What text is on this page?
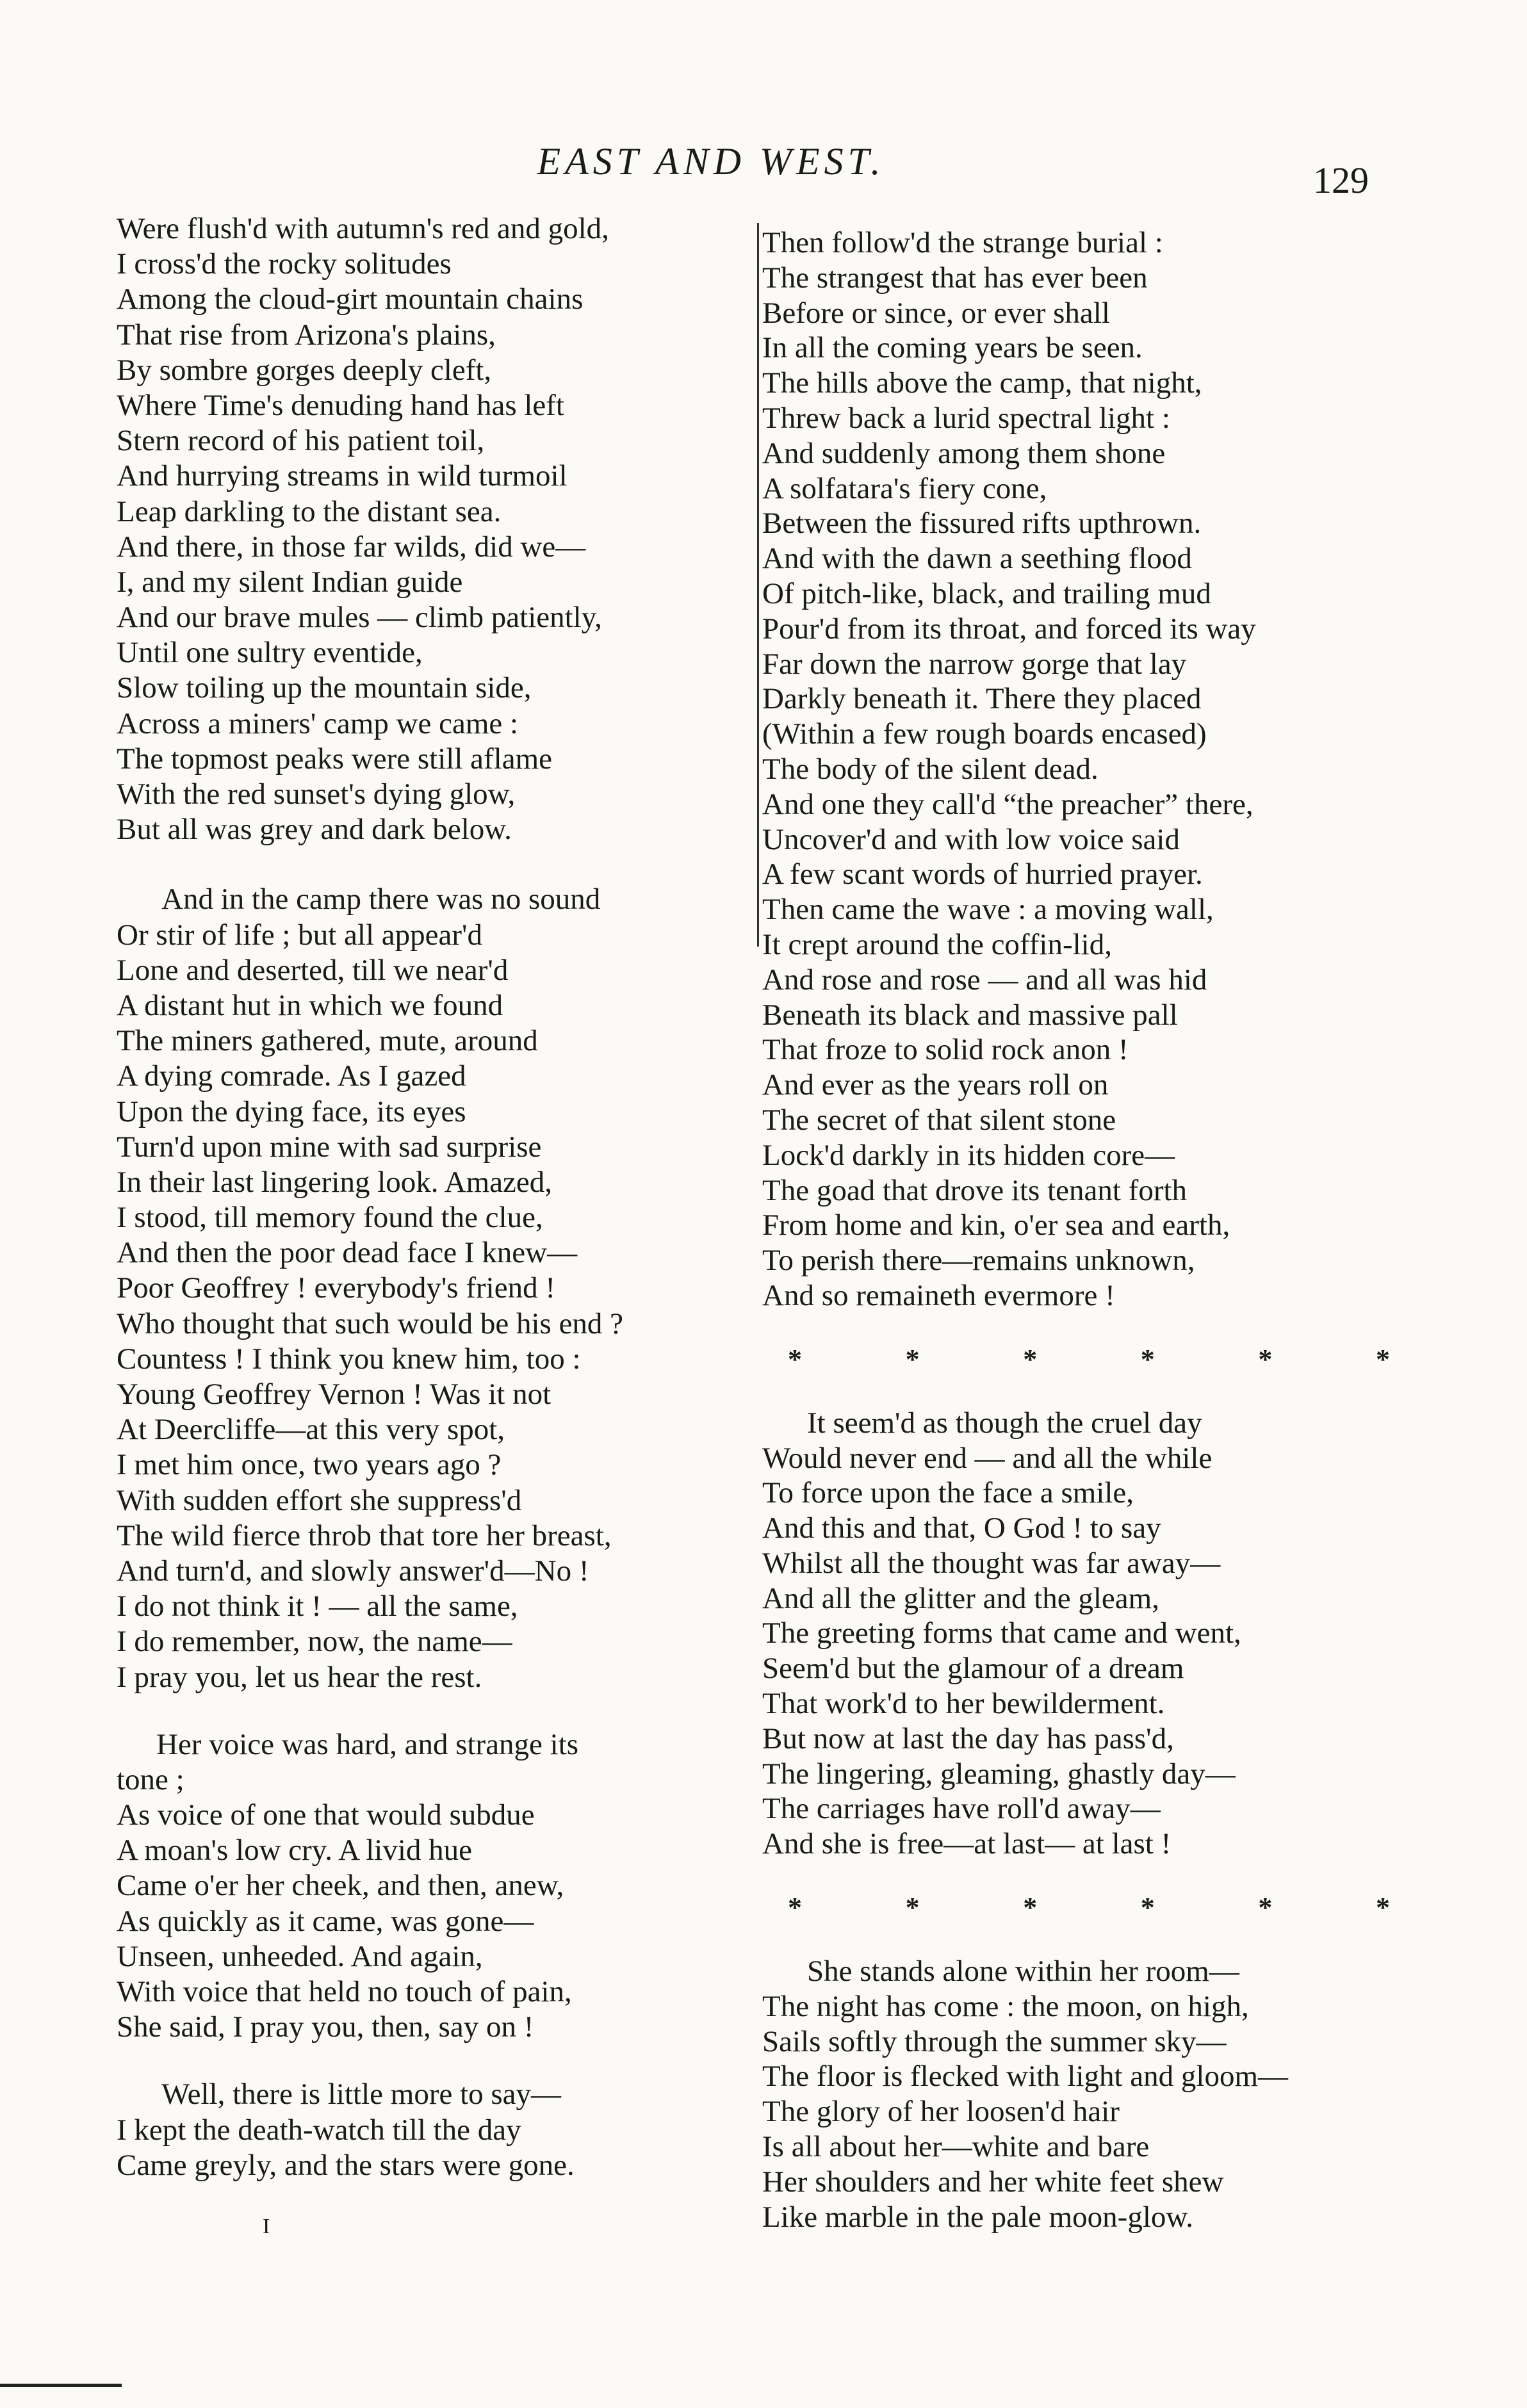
EAST AND WEST.	129
Were flush'd with autumn's red and gold,
I cross'd the rocky solitudes
Among the cloud-girt mountain chains
That rise from Arizona's plains,
By sombre gorges deeply cleft,
Where Time's denuding hand has left
Stern record of his patient toil,
And hurrying streams in wild turmoil
Leap darkling to the distant sea.
And there, in those far wilds, did we—
I, and my silent Indian guide
And our brave mules — climb patiently,
Until one sultry eventide,
Slow toiling up the mountain side,
Across a miners' camp we came :
The topmost peaks were still aflame
With the red sunset's dying glow,
But all was grey and dark below.
And in the camp there was no sound
Or stir of life ; but all appear'd
Lone and deserted, till we near'd
A distant hut in which we found
The miners gathered, mute, around
A dying comrade. As I gazed
Upon the dying face, its eyes
Turn'd upon mine with sad surprise
In their last lingering look. Amazed,
I stood, till memory found the clue,
And then the poor dead face I knew—
Poor Geoffrey ! everybody's friend !
Who thought that such would be his end ?
Countess ! I think you knew him, too :
Young Geoffrey Vernon ! Was it not
At Deercliffe—at this very spot,
I met him once, two years ago ?
With sudden effort she suppress'd
The wild fierce throb that tore her breast,
And turn'd, and slowly answer'd—No !
I do not think it ! — all the same,
I do remember, now, the name—
I pray you, let us hear the rest.
Her voice was hard, and strange its
tone ;
As voice of one that would subdue
A moan's low cry. A livid hue
Came o'er her cheek, and then, anew,
As quickly as it came, was gone—
Unseen, unheeded. And again,
With voice that held no touch of pain,
She said, I pray you, then, say on !
Well, there is little more to say—
I kept the death-watch till the day
Came greyly, and the stars were gone.
Then follow'd the strange burial :
The strangest that has ever been
Before or since, or ever shall
In all the coming years be seen.
The hills above the camp, that night,
Threw back a lurid spectral light :
And suddenly among them shone
A solfatara's fiery cone,
Between the fissured rifts upthrown.
And with the dawn a seething flood
Of pitch-like, black, and trailing mud
Pour'd from its throat, and forced its way
Far down the narrow gorge that lay
Darkly beneath it. There they placed
(Within a few rough boards encased)
The body of the silent dead.
And one they call'd “the preacher” there,
Uncover'd and with low voice said
A few scant words of hurried prayer.
Then came the wave : a moving wall,
It crept around the coffin-lid,
And rose and rose — and all was hid
Beneath its black and massive pall
That froze to solid rock anon !
And ever as the years roll on
The secret of that silent stone
Lock'd darkly in its hidden core—
The goad that drove its tenant forth
From home and kin, o'er sea and earth,
To perish there—remains unknown,
And so remaineth evermore !
*	*	*	*	*	*
It seem'd as though the cruel day
Would never end — and all the while
To force upon the face a smile,
And this and that, O God ! to say
Whilst all the thought was far away—
And all the glitter and the gleam,
The greeting forms that came and went,
Seem'd but the glamour of a dream
That work'd to her bewilderment.
But now at last the day has pass'd,
The lingering, gleaming, ghastly day—
The carriages have roll'd away—
And she is free—at last— at last !
*	*	*	*	*	*
She stands alone within her room—
The night has come : the moon, on high,
Sails softly through the summer sky—
The floor is flecked with light and gloom—
The glory of her loosen'd hair
Is all about her—white and bare
Her shoulders and her white feet shew
Like marble in the pale moon-glow.
I
